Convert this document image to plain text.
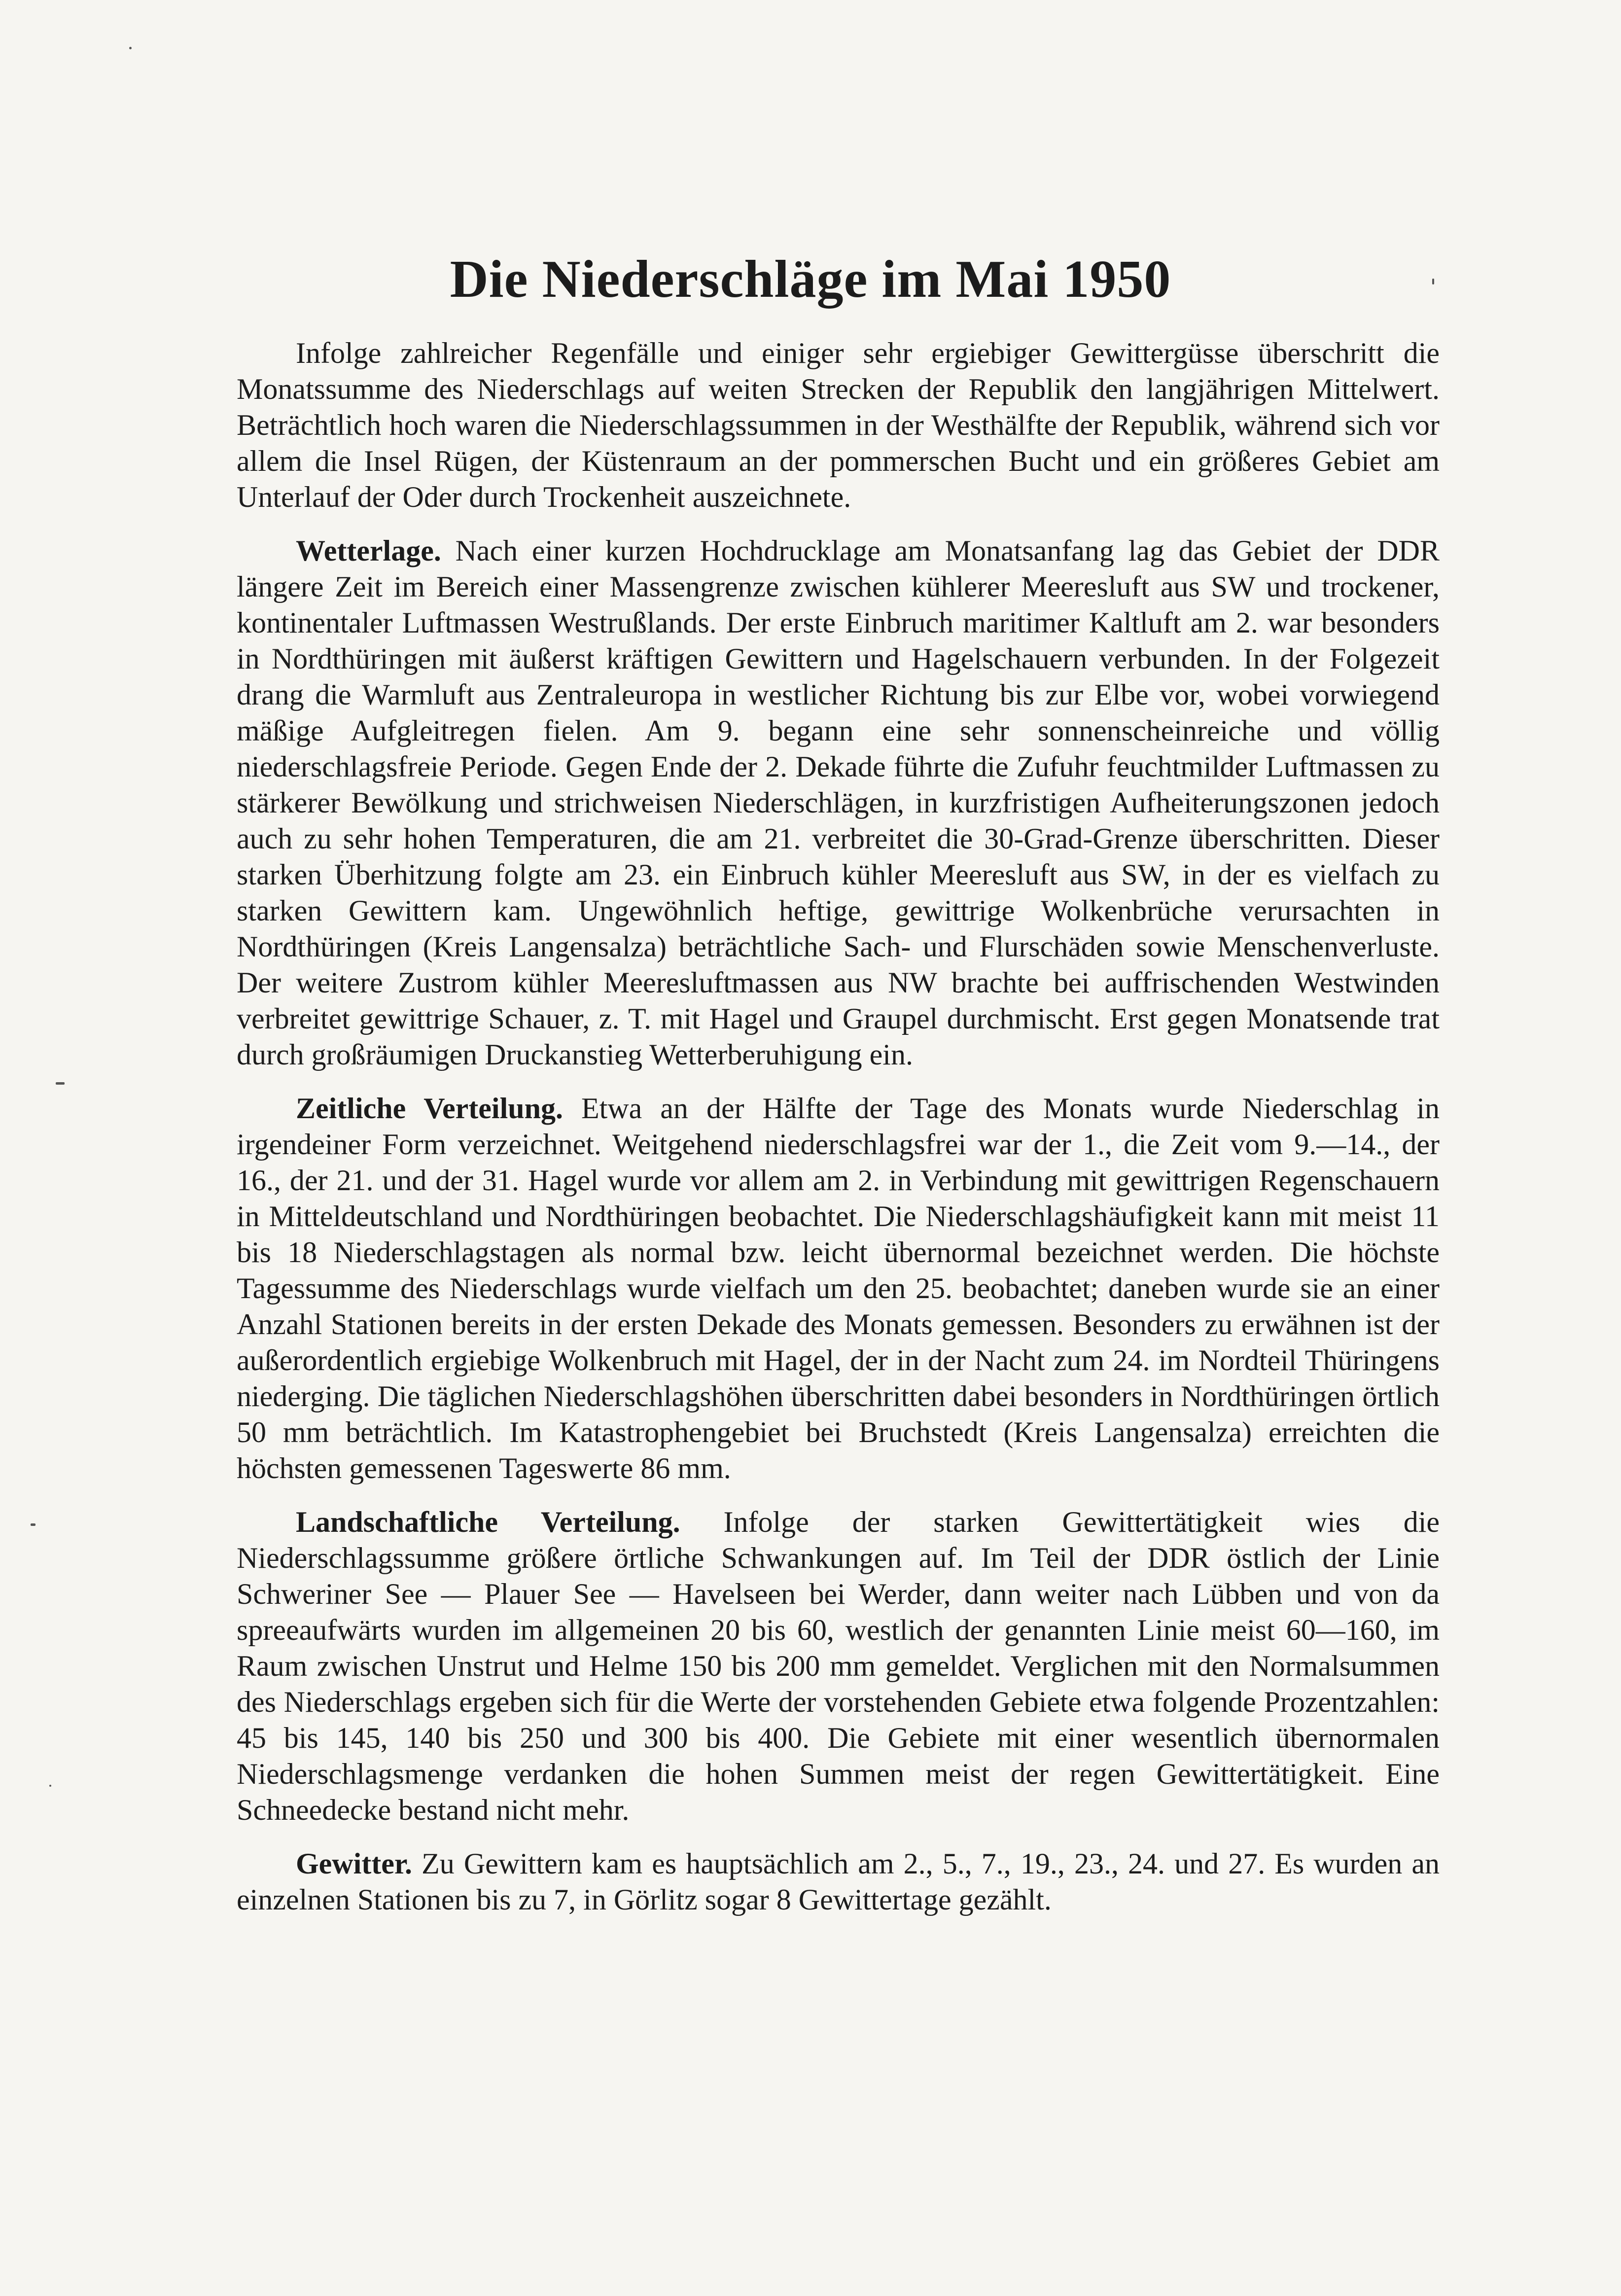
Die Niederschläge im Mai 1950

Infolge zahlreicher Regenfälle und einiger sehr ergiebiger Gewittergüsse überschritt die Monatssumme des Niederschlags auf weiten Strecken der Republik den langjährigen Mittelwert. Beträchtlich hoch waren die Niederschlagssummen in der Westhälfte der Republik, während sich vor allem die Insel Rügen, der Küstenraum an der pommerschen Bucht und ein größeres Gebiet am Unterlauf der Oder durch Trockenheit auszeichnete.

Wetterlage. Nach einer kurzen Hochdrucklage am Monatsanfang lag das Gebiet der DDR längere Zeit im Bereich einer Massengrenze zwischen kühlerer Meeresluft aus SW und trockener, kontinentaler Luftmassen Westrußlands. Der erste Einbruch maritimer Kaltluft am 2. war besonders in Nordthüringen mit äußerst kräftigen Gewittern und Hagelschauern verbunden. In der Folgezeit drang die Warmluft aus Zentraleuropa in westlicher Richtung bis zur Elbe vor, wobei vorwiegend mäßige Aufgleitregen fielen. Am 9. begann eine sehr sonnenscheinreiche und völlig niederschlagsfreie Periode. Gegen Ende der 2. Dekade führte die Zufuhr feuchtmilder Luftmassen zu stärkerer Bewölkung und strichweisen Niederschlägen, in kurzfristigen Aufheiterungszonen jedoch auch zu sehr hohen Temperaturen, die am 21. verbreitet die 30-Grad-Grenze überschritten. Dieser starken Überhitzung folgte am 23. ein Einbruch kühler Meeresluft aus SW, in der es vielfach zu starken Gewittern kam. Ungewöhnlich heftige, gewittrige Wolkenbrüche verursachten in Nordthüringen (Kreis Langensalza) beträchtliche Sach- und Flurschäden sowie Menschenverluste. Der weitere Zustrom kühler Meeresluftmassen aus NW brachte bei auffrischenden Westwinden verbreitet gewittrige Schauer, z. T. mit Hagel und Graupel durchmischt. Erst gegen Monatsende trat durch großräumigen Druckanstieg Wetterberuhigung ein.

Zeitliche Verteilung. Etwa an der Hälfte der Tage des Monats wurde Niederschlag in irgendeiner Form verzeichnet. Weitgehend niederschlagsfrei war der 1., die Zeit vom 9.—14., der 16., der 21. und der 31. Hagel wurde vor allem am 2. in Verbindung mit gewittrigen Regenschauern in Mitteldeutschland und Nordthüringen beobachtet. Die Niederschlagshäufigkeit kann mit meist 11 bis 18 Niederschlagstagen als normal bzw. leicht übernormal bezeichnet werden. Die höchste Tagessumme des Niederschlags wurde vielfach um den 25. beobachtet; daneben wurde sie an einer Anzahl Stationen bereits in der ersten Dekade des Monats gemessen. Besonders zu erwähnen ist der außerordentlich ergiebige Wolkenbruch mit Hagel, der in der Nacht zum 24. im Nordteil Thüringens niederging. Die täglichen Niederschlagshöhen überschritten dabei besonders in Nordthüringen örtlich 50 mm beträchtlich. Im Katastrophengebiet bei Bruchstedt (Kreis Langensalza) erreichten die höchsten gemessenen Tageswerte 86 mm.

Landschaftliche Verteilung. Infolge der starken Gewittertätigkeit wies die Niederschlagssumme größere örtliche Schwankungen auf. Im Teil der DDR östlich der Linie Schweriner See — Plauer See — Havelseen bei Werder, dann weiter nach Lübben und von da spreeaufwärts wurden im allgemeinen 20 bis 60, westlich der genannten Linie meist 60—160, im Raum zwischen Unstrut und Helme 150 bis 200 mm gemeldet. Verglichen mit den Normalsummen des Niederschlags ergeben sich für die Werte der vorstehenden Gebiete etwa folgende Prozentzahlen: 45 bis 145, 140 bis 250 und 300 bis 400. Die Gebiete mit einer wesentlich übernormalen Niederschlagsmenge verdanken die hohen Summen meist der regen Gewittertätigkeit. Eine Schneedecke bestand nicht mehr.

Gewitter. Zu Gewittern kam es hauptsächlich am 2., 5., 7., 19., 23., 24. und 27. Es wurden an einzelnen Stationen bis zu 7, in Görlitz sogar 8 Gewittertage gezählt.
